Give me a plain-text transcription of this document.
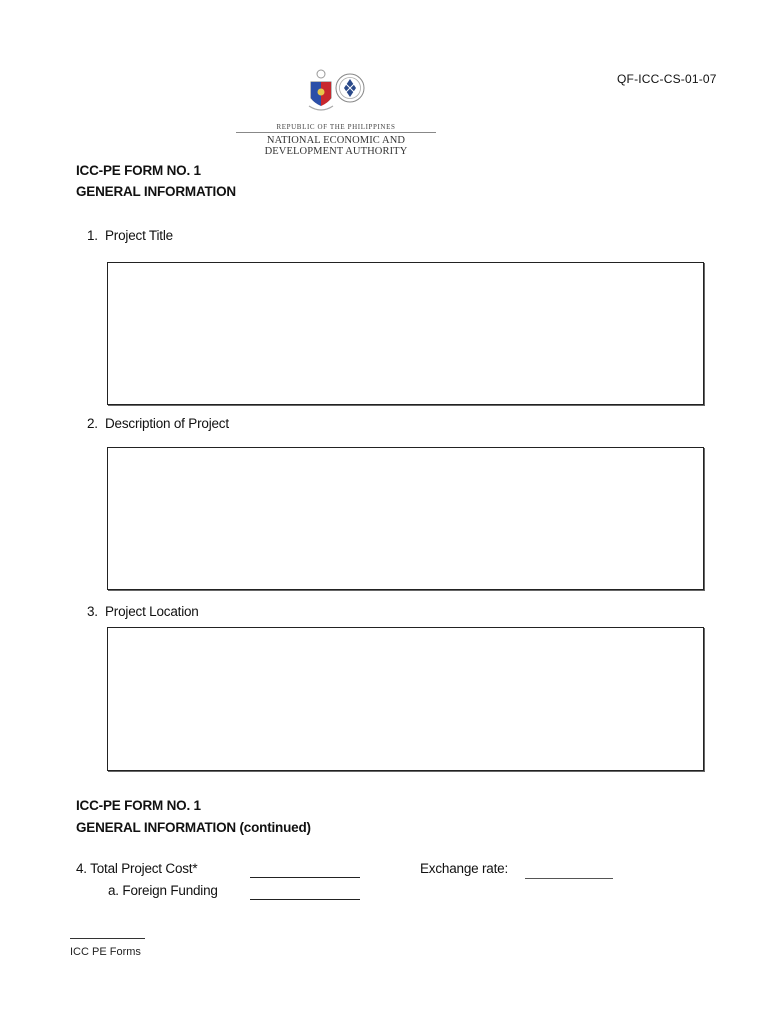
QF-ICC-CS-01-07
REPUBLIC OF THE PHILIPPINES
NATIONAL ECONOMIC AND DEVELOPMENT AUTHORITY
ICC-PE FORM NO. 1
GENERAL INFORMATION
1. Project Title
2. Description of Project
3. Project Location
ICC-PE FORM NO. 1
GENERAL INFORMATION (continued)
4. Total Project Cost*	Exchange rate:
a. Foreign Funding
ICC PE Forms
